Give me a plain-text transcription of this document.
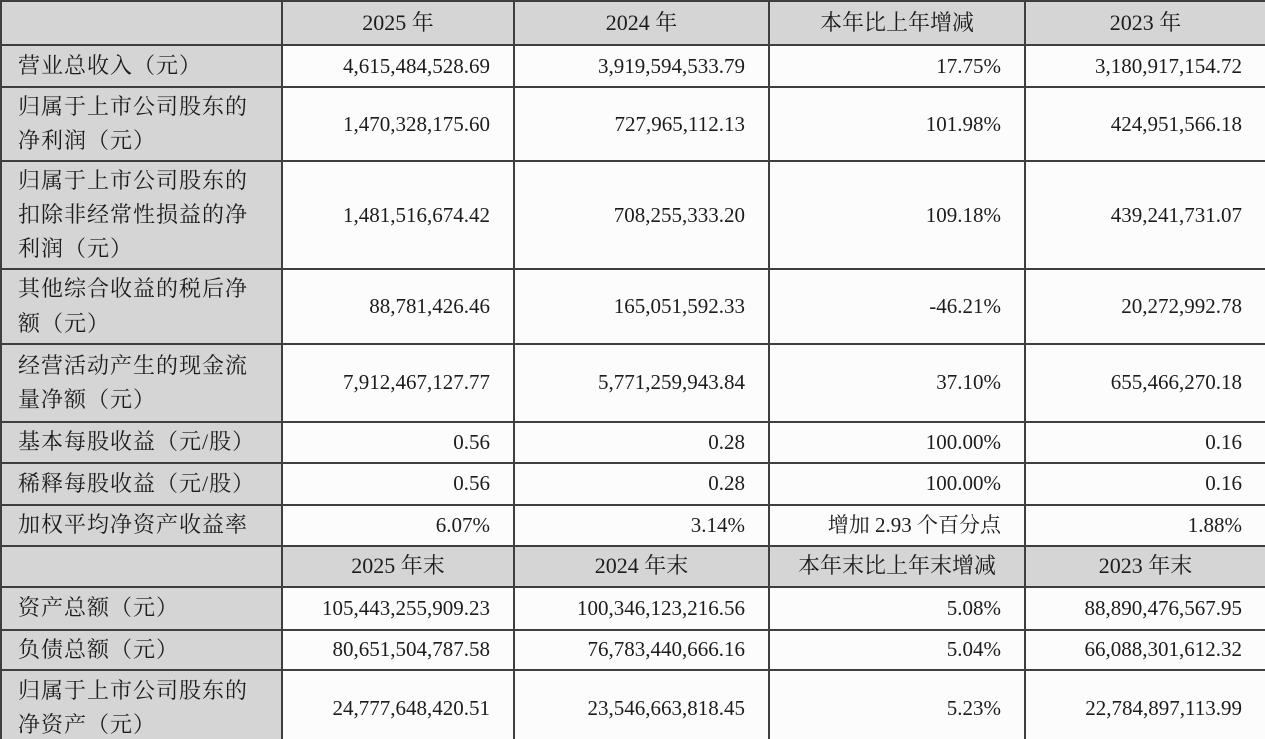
	2025 年	2024 年	本年比上年增减	2023 年
营业总收入（元）	4,615,484,528.69	3,919,594,533.79	17.75%	3,180,917,154.72
归属于上市公司股东的净利润（元）	1,470,328,175.60	727,965,112.13	101.98%	424,951,566.18
归属于上市公司股东的扣除非经常性损益的净利润（元）	1,481,516,674.42	708,255,333.20	109.18%	439,241,731.07
其他综合收益的税后净额（元）	88,781,426.46	165,051,592.33	-46.21%	20,272,992.78
经营活动产生的现金流量净额（元）	7,912,467,127.77	5,771,259,943.84	37.10%	655,466,270.18
基本每股收益（元/股）	0.56	0.28	100.00%	0.16
稀释每股收益（元/股）	0.56	0.28	100.00%	0.16
加权平均净资产收益率	6.07%	3.14%	增加 2.93 个百分点	1.88%
	2025 年末	2024 年末	本年末比上年末增减	2023 年末
资产总额（元）	105,443,255,909.23	100,346,123,216.56	5.08%	88,890,476,567.95
负债总额（元）	80,651,504,787.58	76,783,440,666.16	5.04%	66,088,301,612.32
归属于上市公司股东的净资产（元）	24,777,648,420.51	23,546,663,818.45	5.23%	22,784,897,113.99
